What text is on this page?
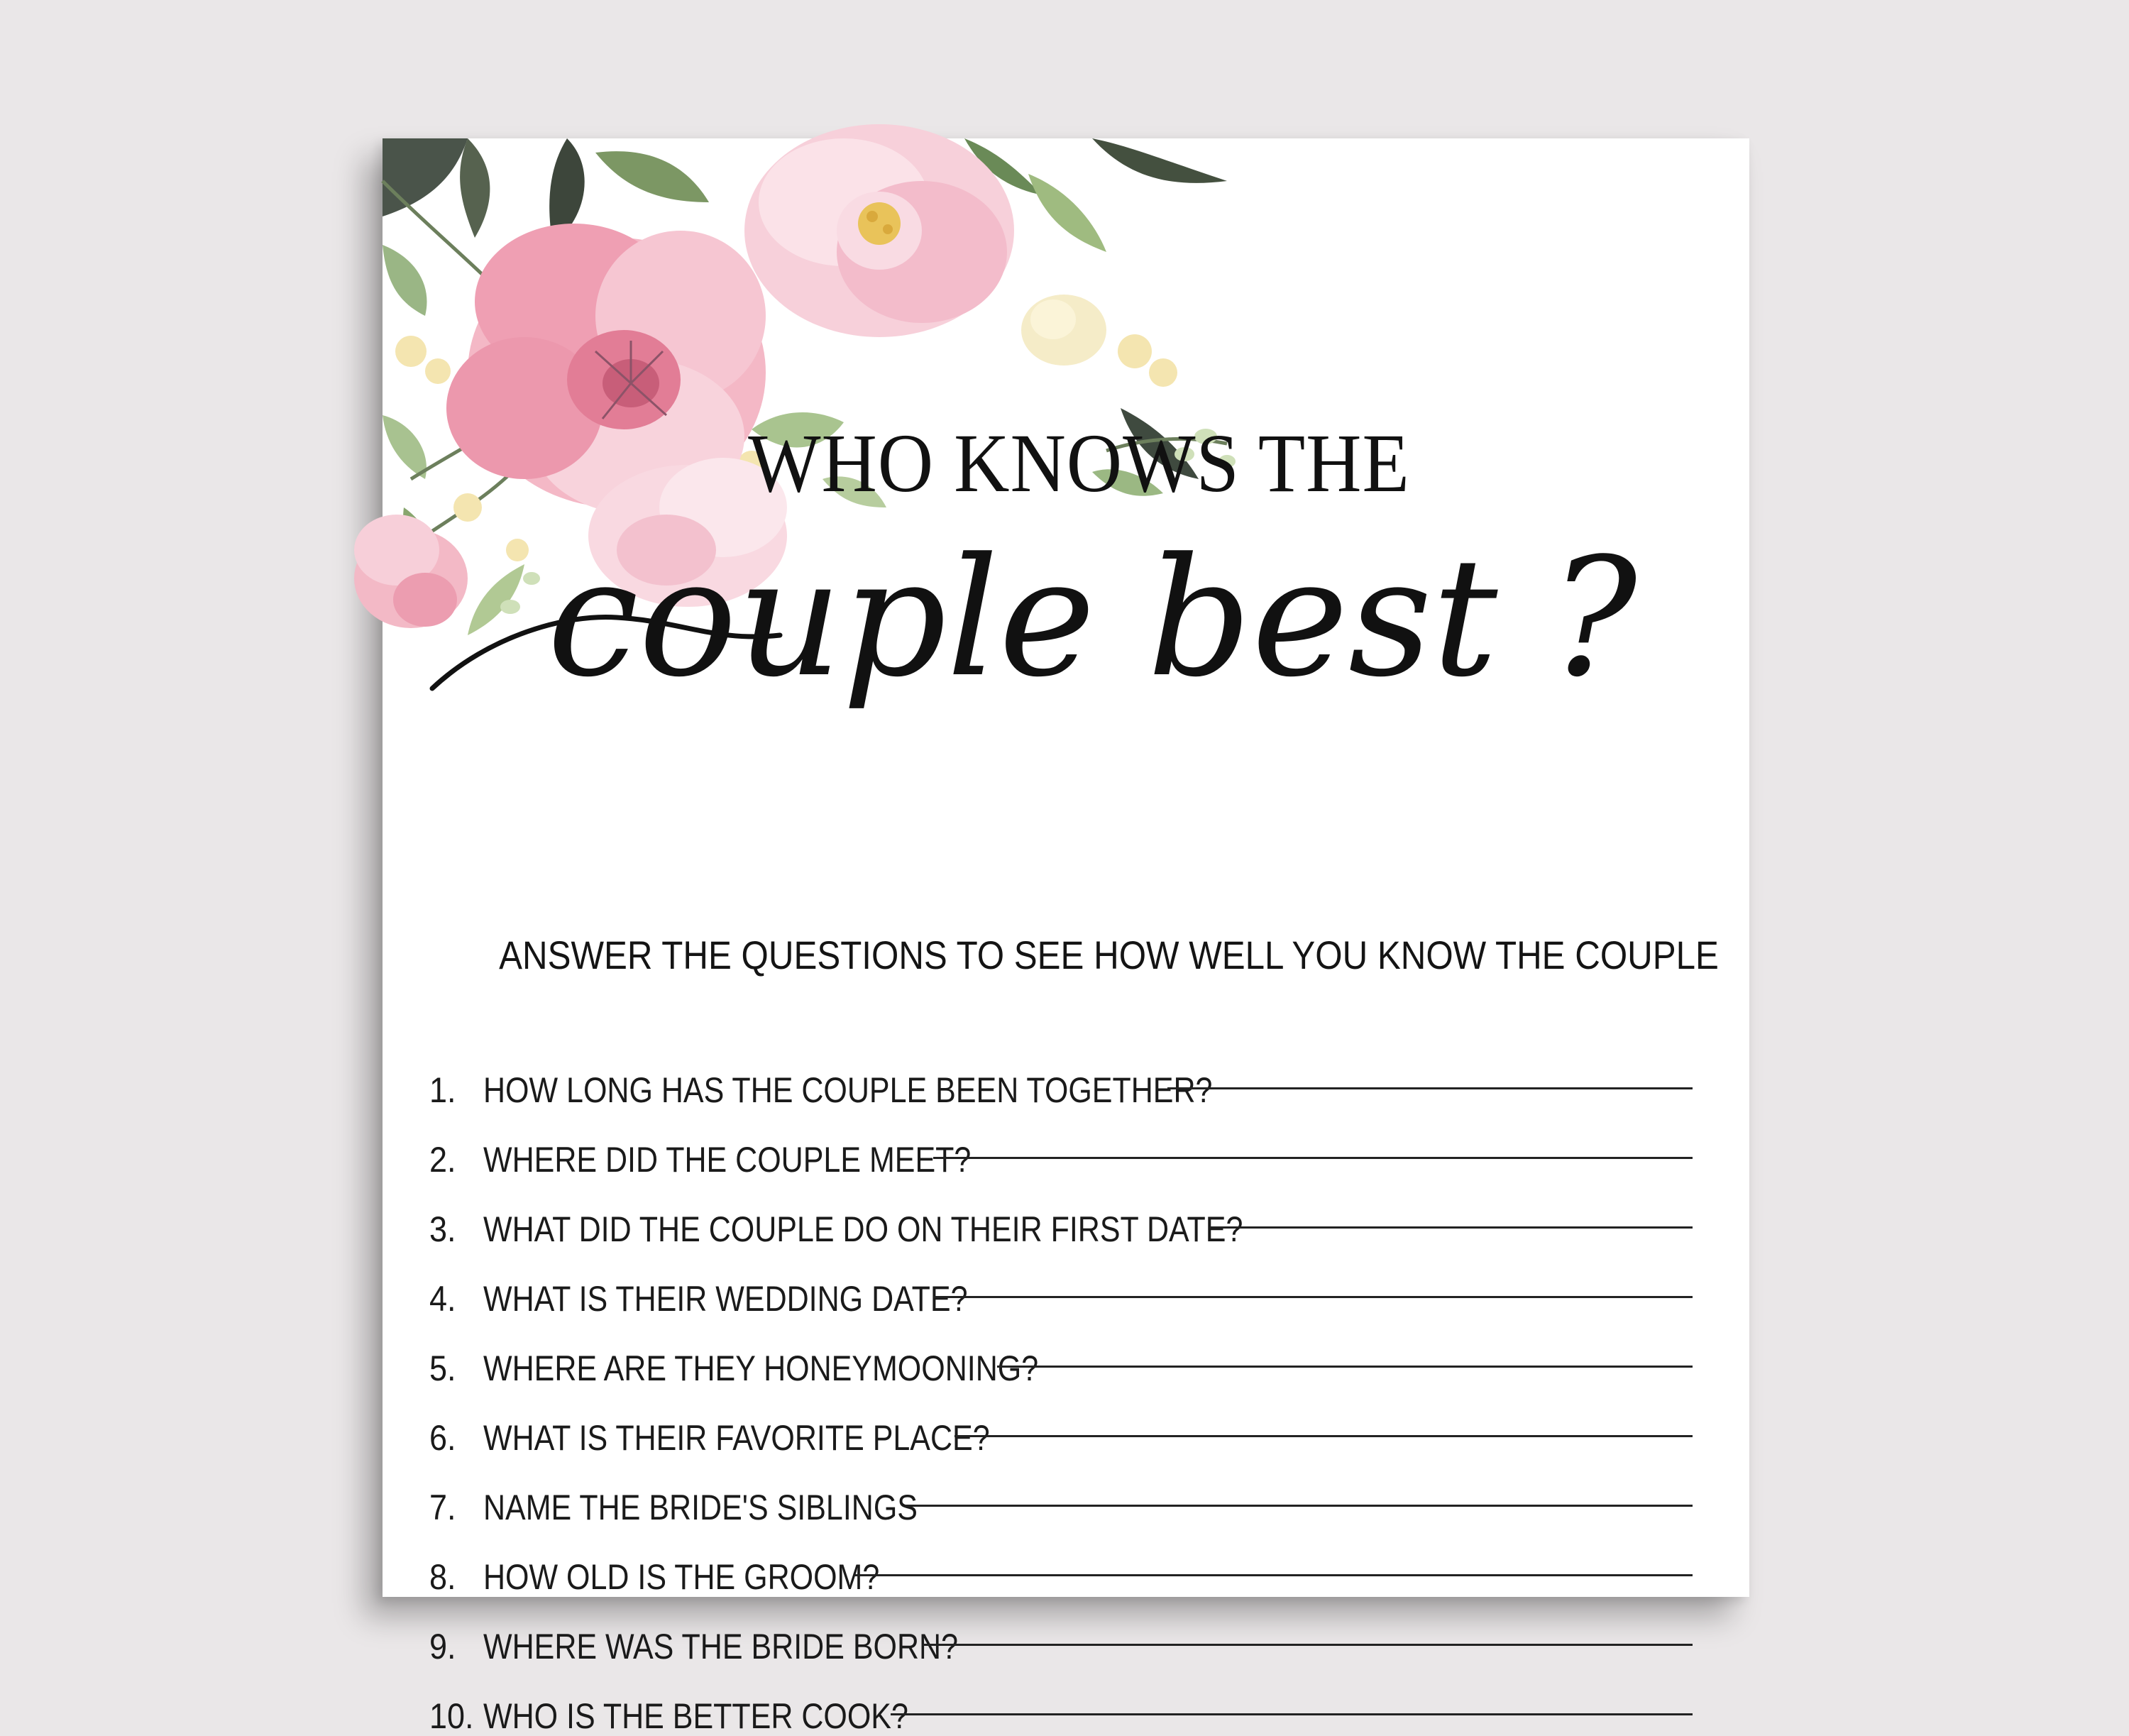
WHO KNOWS THE
couple best ?
ANSWER THE QUESTIONS TO SEE HOW WELL YOU KNOW THE COUPLE
1. HOW LONG HAS THE COUPLE BEEN TOGETHER?
2. WHERE DID THE COUPLE MEET?
3. WHAT DID THE COUPLE DO ON THEIR FIRST DATE?
4. WHAT IS THEIR WEDDING DATE?
5. WHERE ARE THEY HONEYMOONING?
6. WHAT IS THEIR FAVORITE PLACE?
7. NAME THE BRIDE'S SIBLINGS
8. HOW OLD IS THE GROOM?
9. WHERE WAS THE BRIDE BORN?
10. WHO IS THE BETTER COOK?
